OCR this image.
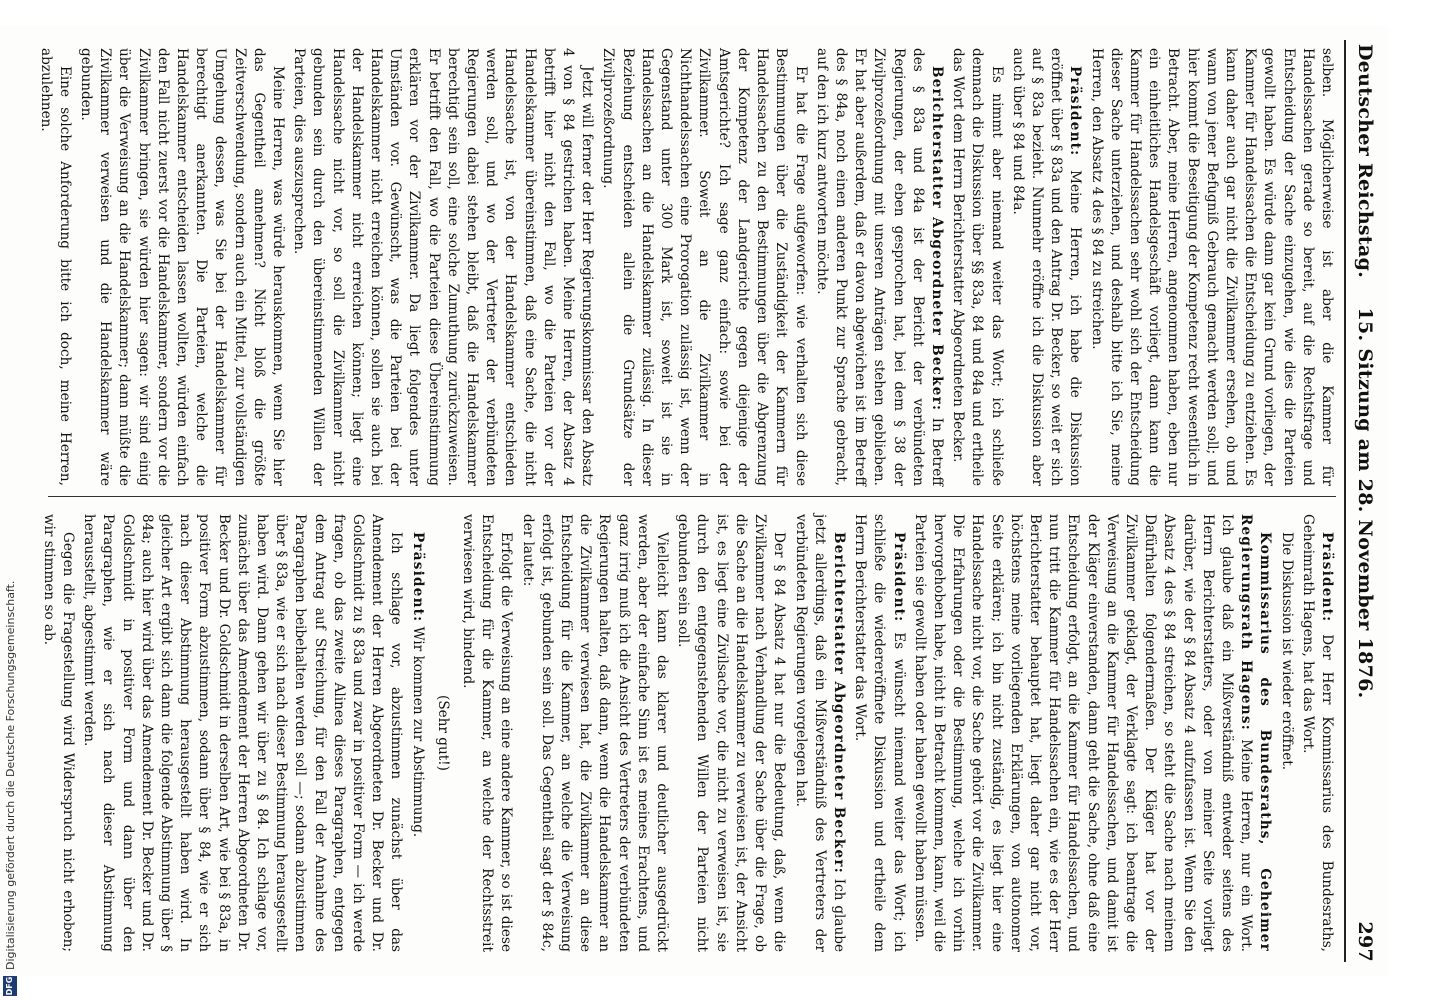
Deutscher Reichstag.
15. Sitzung am 28. November 1876.
297

selben. Möglicherweise ist aber die Kammer für Handelssachen gerade so bereit, auf die Rechtsfrage und Entscheidung der Sache einzugehen, wie dies die Parteien gewollt haben. Es würde dann gar kein Grund vorliegen, der Kammer für Handelssachen die Entscheidung zu entziehen. Es kann daher auch gar nicht die Zivilkammer ersehen, ob und wann von jener Befugniß Gebrauch gemacht werden soll; und hier kommt die Beseitigung der Kompetenz recht wesentlich in Betracht. Aber, meine Herren, angenommen haben, eben nur ein einheitliches Handelsgeschäft vorliegt, dann kann die Kammer für Handelssachen sehr wohl sich der Entscheidung dieser Sache unterziehen, und deshalb bitte ich Sie, meine Herren, den Absatz 4 des § 84 zu streichen.

Präsident: Meine Herren, ich habe die Diskussion eröffnet über § 83a und den Antrag Dr. Becker, so weit er sich auf § 83a bezieht. Nunmehr eröffne ich die Diskussion aber auch über § 84 und 84a.

Es nimmt aber niemand weiter das Wort; ich schließe demnach die Diskussion über §§ 83a, 84 und 84a und ertheile das Wort dem Herrn Berichterstatter Abgeordneten Becker.

Berichterstatter Abgeordneter Becker: In Betreff des § 83a und 84a ist der Bericht der verbündeten Regierungen, der eben gesprochen hat, bei dem § 38 der Zivilprozeßordnung mit unseren Anträgen stehen geblieben. Er hat aber außerdem, daß er davon abgewichen ist im Betreff des § 84a, noch einen anderen Punkt zur Sprache gebracht, auf den ich kurz antworten möchte.

Er hat die Frage aufgeworfen: wie verhalten sich diese Bestimmungen über die Zuständigkeit der Kammern für Handelssachen zu den Bestimmungen über die Abgrenzung der Kompetenz der Landgerichte gegen diejenige der Amtsgerichte? Ich sage ganz einfach: sowie bei der Zivilkammer. Soweit an die Zivilkammer in Nichthandelssachen eine Prorogation zulässig ist, wenn der Gegenstand unter 300 Mark ist, soweit ist sie in Handelssachen an die Handelskammer zulässig. In dieser Beziehung entscheiden allein die Grundsätze der Zivilprozeßordnung.

Jetzt will ferner der Herr Regierungskommissar den Absatz 4 von § 84 gestrichen haben. Meine Herren, der Absatz 4 betrifft hier nicht den Fall, wo die Parteien vor der Handelskammer übereinstimmen, daß eine Sache, die nicht Handelssache ist, von der Handelskammer entschieden werden soll, und wo der Vertreter der verbündeten Regierungen dabei stehen bleibt, daß die Handelskammer berechtigt sein soll, eine solche Zumuthung zurückzuweisen. Er betrifft den Fall, wo die Parteien diese Übereinstimmung erklären vor der Zivilkammer. Da liegt folgendes unter Umständen vor. Gewünscht, was die Parteien bei der Handelskammer nicht erreichen können, sollen sie auch bei der Handelskammer nicht erreichen können; liegt eine Handelssache nicht vor, so soll die Zivilkammer nicht gebunden sein durch den übereinstimmenden Willen der Parteien, dies auszusprechen.

Meine Herren, was würde herauskommen, wenn Sie hier das Gegentheil annehmen? Nicht bloß die größte Zeitverschwendung, sondern auch ein Mittel, zur vollständigen Umgehung dessen, was Sie bei der Handelskammer für berechtigt anerkannten. Die Parteien, welche die Handelskammer entscheiden lassen wollten, würden einfach den Fall nicht zuerst vor die Handelskammer, sondern vor die Zivilkammer bringen, sie würden hier sagen: wir sind einig über die Verweisung an die Handelskammer; dann müßte die Zivilkammer verweisen und die Handelskammer wäre gebunden.

Eine solche Anforderung bitte ich doch, meine Herren, abzulehnen.

Präsident: Der Herr Kommissarius des Bundesraths, Geheimrath Hagens, hat das Wort.

Die Diskussion ist wieder eröffnet.

Kommissarius des Bundesraths, Geheimer Regierungsrath Hagens: Meine Herren, nur ein Wort. Ich glaube daß ein Mißverständniß entweder seitens des Herrn Berichterstatters, oder von meiner Seite vorliegt darüber, wie der § 84 Absatz 4 aufzufassen ist. Wenn Sie den Absatz 4 des § 84 streichen, so steht die Sache nach meinem Dafürhalten folgendermaßen. Der Kläger hat vor der Zivilkammer geklagt, der Verklagte sagt: ich beantrage die Verweisung an die Kammer für Handelssachen, und damit ist der Kläger einverstanden, dann geht die Sache, ohne daß eine Entscheidung erfolgt, an die Kammer für Handelssachen, und nun tritt die Kammer für Handelssachen ein, wie es der Herr Berichterstatter behauptet hat, liegt daher gar nicht vor, höchstens meine vorliegenden Erklärungen, von autonomer Seite erklären; ich bin nicht zuständig, es liegt hier eine Handelssache nicht vor, die Sache gehört vor die Zivilkammer. Die Erfahrungen oder die Bestimmung, welche ich vorhin hervorgehoben habe, nicht in Betracht kommen, kann, weil die Parteien sie gewollt haben oder haben gewollt haben müssen.

Präsident: Es wünscht niemand weiter das Wort; ich schließe die wiedereröffnete Diskussion und ertheile dem Herrn Berichterstatter das Wort.

Berichterstatter Abgeordneter Becker: Ich glaube jetzt allerdings, daß ein Mißverständniß des Vertreters der verbündeten Regierungen vorgelegen hat.

Der § 84 Absatz 4 hat nur die Bedeutung, daß, wenn die Zivilkammer nach Verhandlung der Sache über die Frage, ob die Sache an die Handelskammer zu verweisen ist, der Ansicht ist, es liegt eine Zivilsache vor, die nicht zu verweisen ist, sie durch den entgegenstehenden Willen der Parteien nicht gebunden sein soll.

Vielleicht kann das klarer und deutlicher ausgedrückt werden, aber der einfache Sinn ist es meines Erachtens, und ganz irrig muß ich die Ansicht des Vertreters der verbündeten Regierungen halten, daß dann, wenn die Handelskammer an die Zivilkammer verwiesen hat, die Zivilkammer an diese Entscheidung für die Kammer, an welche die Verweisung erfolgt ist, gebunden sein soll. Das Gegentheil sagt der § 84c, der lautet:

Erfolgt die Verweisung an eine andere Kammer, so ist diese Entscheidung für die Kammer, an welche der Rechtsstreit verwiesen wird, bindend.

(Sehr gut!)

Präsident: Wir kommen zur Abstimmung.

Ich schlage vor, abzustimmen zunächst über das Amendement der Herren Abgeordneten Dr. Becker und Dr. Goldschmidt zu § 83a und zwar in positiver Form — ich werde fragen, ob das zweite Alinea dieses Paragraphen, entgegen dem Antrag auf Streichung, für den Fall der Annahme des Paragraphen beibehalten werden soll —; sodann abzustimmen über § 83a, wie er sich nach dieser Bestimmung herausgestellt haben wird. Dann gehen wir über zu § 84. Ich schlage vor, zunächst über das Amendement der Herren Abgeordneten Dr. Becker und Dr. Goldschmidt in derselben Art, wie bei § 83a, in positiver Form abzustimmen, sodann über § 84, wie er sich nach dieser Abstimmung herausgestellt haben wird. In gleicher Art ergibt sich dann die folgende Abstimmung über § 84a; auch hier wird über das Amendement Dr. Becker und Dr. Goldschmidt in positiver Form und dann über den Paragraphen, wie er sich nach dieser Abstimmung herausstellt, abgestimmt werden.

Gegen die Fragestellung wird Widerspruch nicht erhoben; wir stimmen so ab.

DFG
Digitalisierung gefördert durch die Deutsche Forschungsgemeinschaft.
